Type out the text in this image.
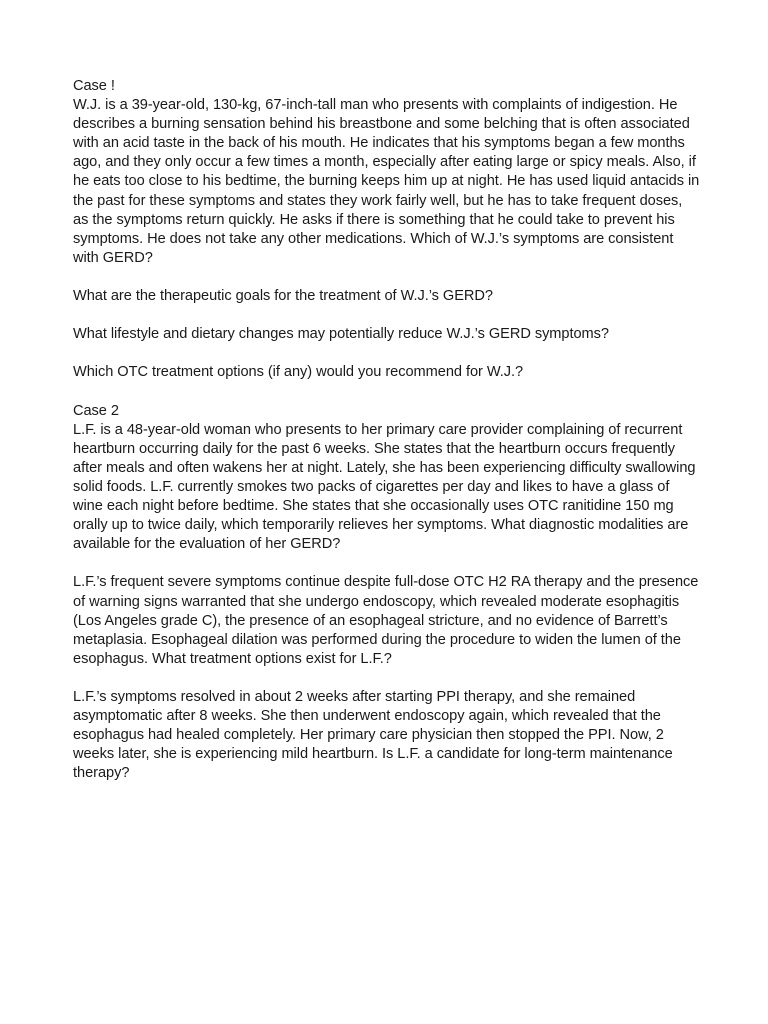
Case !

W.J. is a 39-year-old, 130-kg, 67-inch-tall man who presents with complaints of indigestion. He describes a burning sensation behind his breastbone and some belching that is often associated with an acid taste in the back of his mouth. He indicates that his symptoms began a few months ago, and they only occur a few times a month, especially after eating large or spicy meals. Also, if he eats too close to his bedtime, the burning keeps him up at night. He has used liquid antacids in the past for these symptoms and states they work fairly well, but he has to take frequent doses, as the symptoms return quickly. He asks if there is something that he could take to prevent his symptoms. He does not take any other medications. Which of W.J.’s symptoms are consistent with GERD?

What are the therapeutic goals for the treatment of W.J.’s GERD?

What lifestyle and dietary changes may potentially reduce W.J.’s GERD symptoms?

Which OTC treatment options (if any) would you recommend for W.J.?

Case 2

L.F. is a 48-year-old woman who presents to her primary care provider complaining of recurrent heartburn occurring daily for the past 6 weeks. She states that the heartburn occurs frequently after meals and often wakens her at night. Lately, she has been experiencing difficulty swallowing solid foods. L.F. currently smokes two packs of cigarettes per day and likes to have a glass of wine each night before bedtime. She states that she occasionally uses OTC ranitidine 150 mg orally up to twice daily, which temporarily relieves her symptoms. What diagnostic modalities are available for the evaluation of her GERD?

L.F.’s frequent severe symptoms continue despite full-dose OTC H2 RA therapy and the presence of warning signs warranted that she undergo endoscopy, which revealed moderate esophagitis (Los Angeles grade C), the presence of an esophageal stricture, and no evidence of Barrett’s metaplasia. Esophageal dilation was performed during the procedure to widen the lumen of the esophagus. What treatment options exist for L.F.?

L.F.’s symptoms resolved in about 2 weeks after starting PPI therapy, and she remained asymptomatic after 8 weeks. She then underwent endoscopy again, which revealed that the esophagus had healed completely. Her primary care physician then stopped the PPI. Now, 2 weeks later, she is experiencing mild heartburn. Is L.F. a candidate for long-term maintenance therapy?
